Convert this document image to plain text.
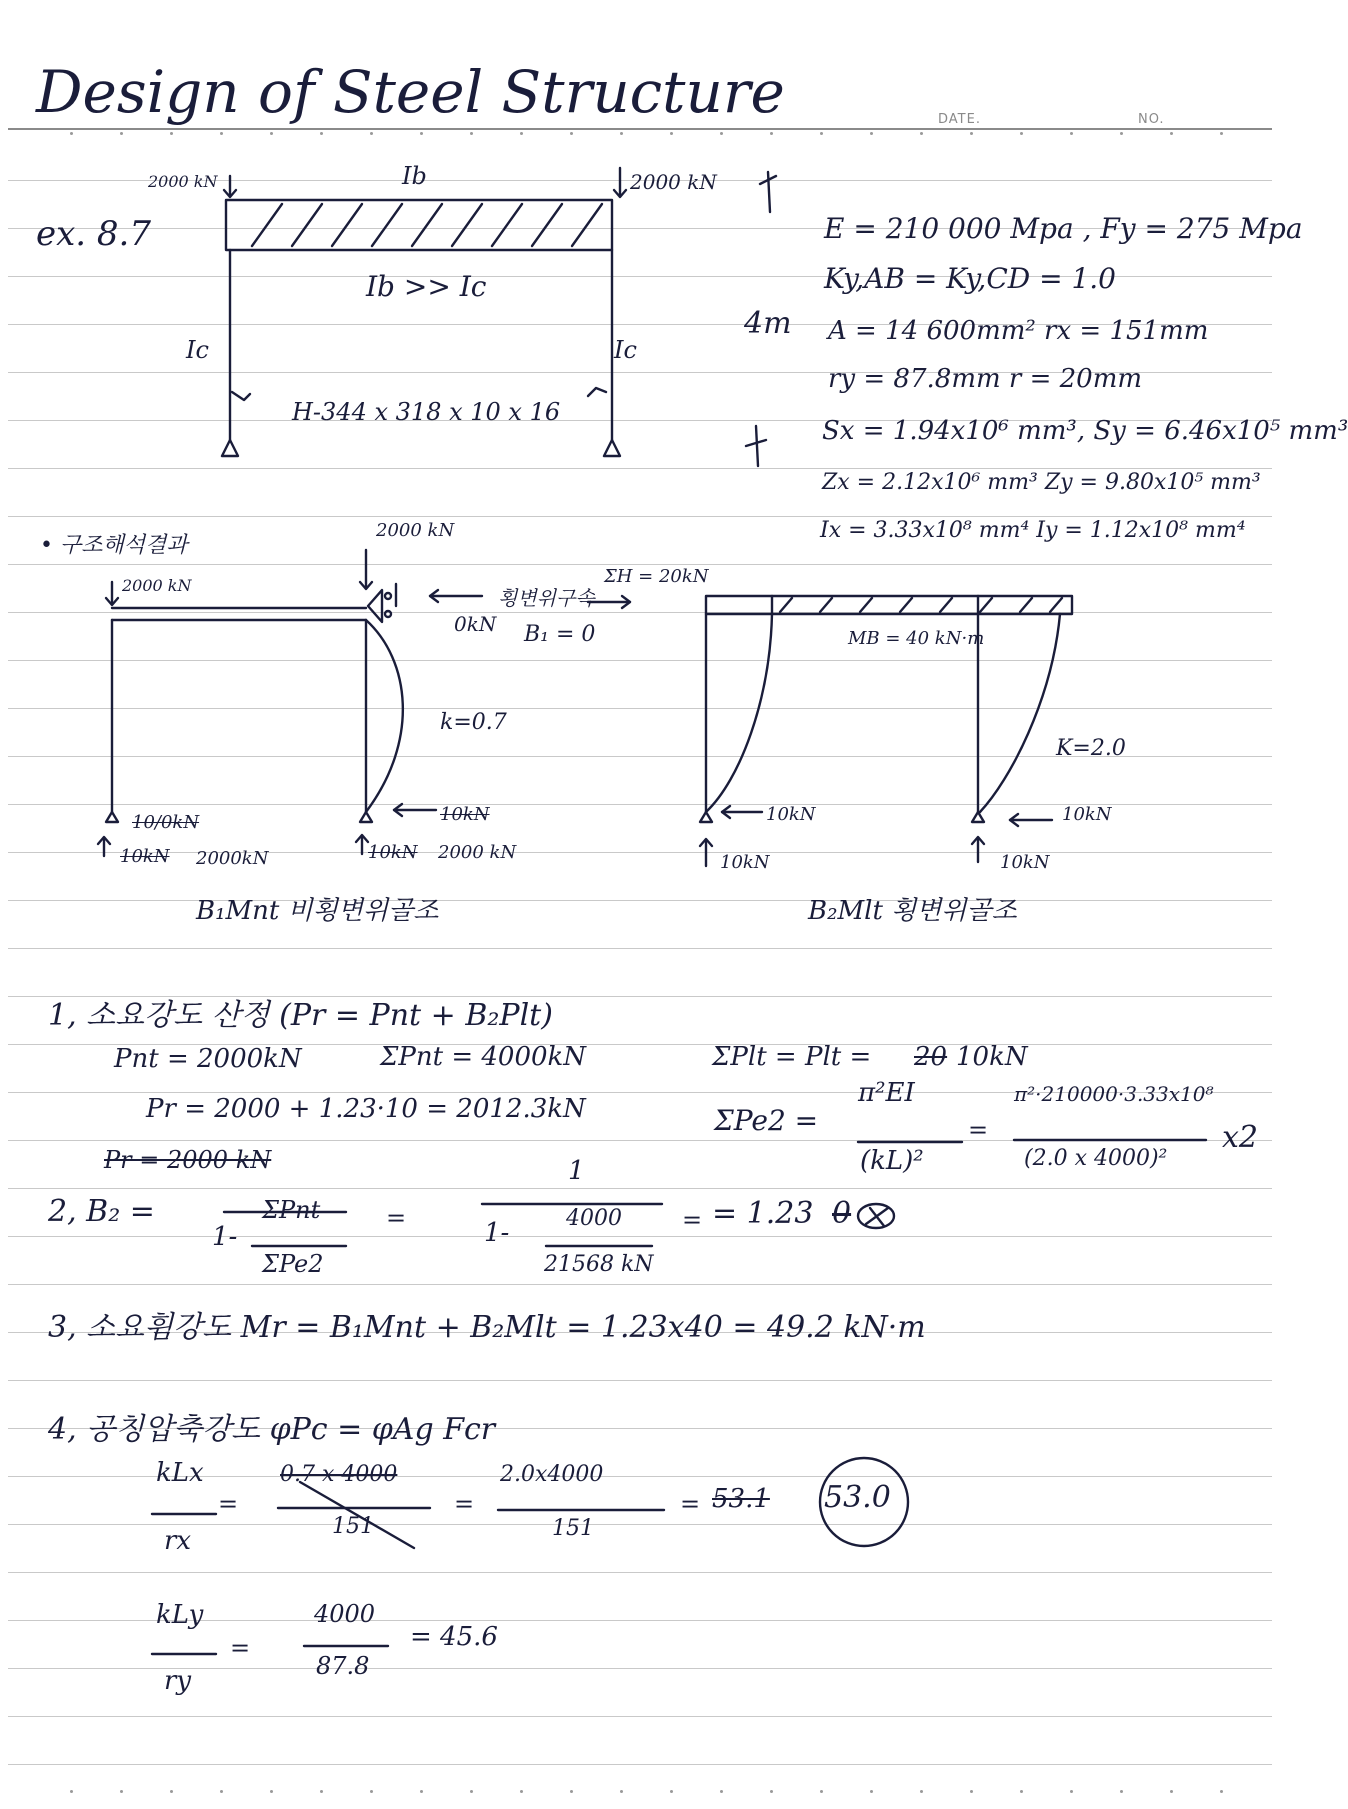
Design of Steel Structure	DATE.	NO.
ex. 8.7
2000 kN	2000 kN
Ib
Ib >> Ic
Ic	Ic
H-344 x 318 x 10 x 16
4m
E = 210 000 Mpa , Fy = 275 Mpa
Ky,AB = Ky,CD = 1.0
A = 14 600mm² rx = 151mm
ry = 87.8mm r = 20mm
Sx = 1.94x10⁶ mm³, Sy = 6.46x10⁵ mm³
Zx = 2.12x10⁶ mm³ Zy = 9.80x10⁵ mm³
Ix = 3.33x10⁸ mm⁴ Iy = 1.12x10⁸ mm⁴
• 구조해석결과
2000 kN
2000 kN
횡변위구속
0kN B₁ = 0
k=0.7
10/0kN	10kN
10kN 2000kN	10kN 2000 kN
B₁Mnt 비횡변위골조
ΣH = 20kN
MB = 40 kN·m
K=2.0
10kN	10kN
10kN	10kN
B₂Mlt 횡변위골조
1, 소요강도 산정 (Pr = Pnt + B₂Plt)
Pnt = 2000kN	ΣPnt = 4000kN	ΣPlt = Plt = 20 10kN
Pr = 2000 + 1.23·10 = 2012.3kN
Pr = 2000 kN
ΣPe2 =
π²EI
(kL)²
=
π²·210000·3.33x10⁸
(2.0 x 4000)²
x2
2, B₂ =
1-
ΣPnt
ΣPe2
=
1
1-	4000
21568 kN
= = 1.23 0
3, 소요휨강도 Mr = B₁Mnt + B₂Mlt = 1.23x40 = 49.2 kN·m
4, 공칭압축강도 φPc = φAg Fcr
kLx
rx
=
0.7 x 4000
151
=
2.0x4000
151
= 53.1 53.0
kLy
ry
=
4000
87.8
= 45.6
